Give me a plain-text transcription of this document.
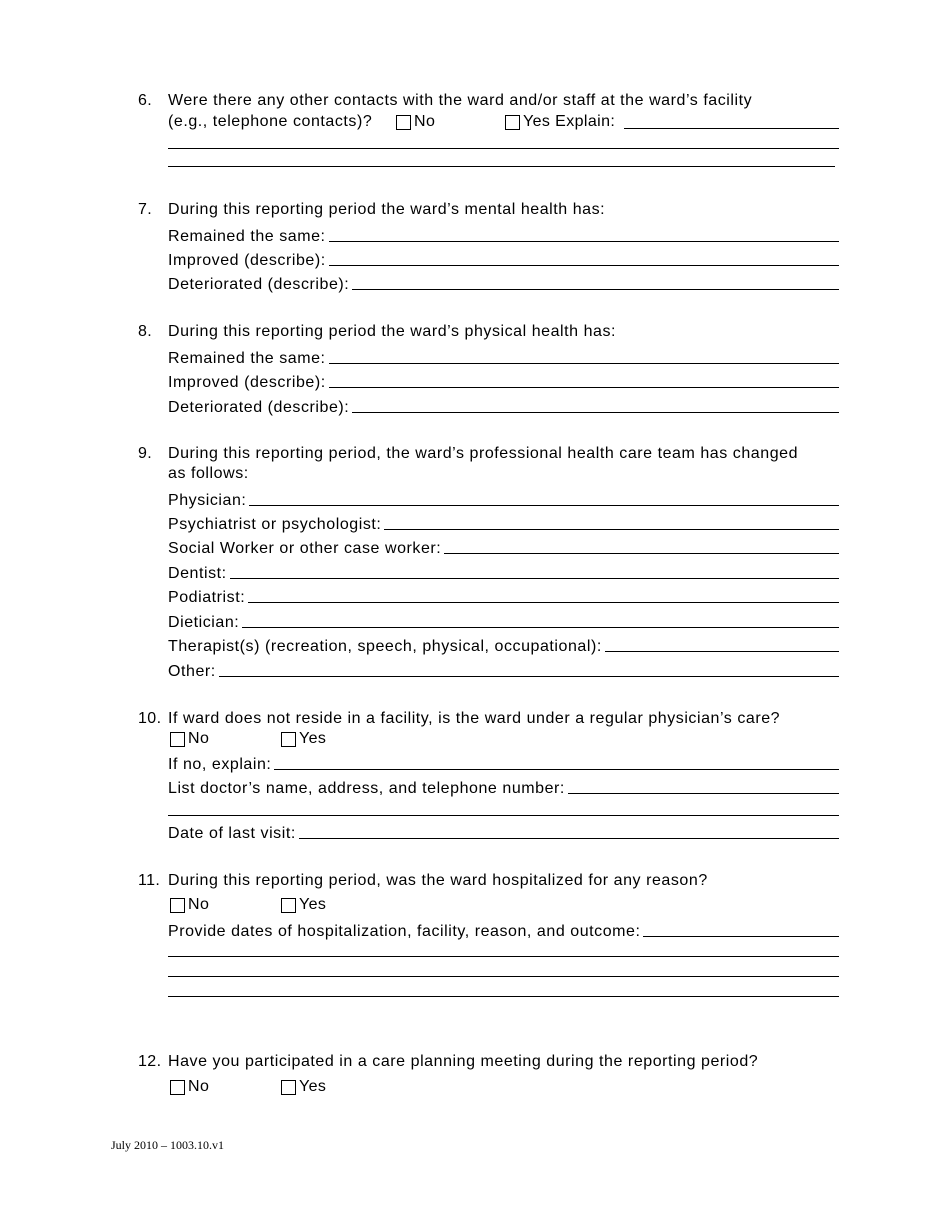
6. Were there any other contacts with the ward and/or staff at the ward’s facility
(e.g., telephone contacts)?	No	Yes Explain:
7. During this reporting period the ward’s mental health has:
Remained the same:
Improved (describe):
Deteriorated (describe):
8. During this reporting period the ward’s physical health has:
Remained the same:
Improved (describe):
Deteriorated (describe):
9. During this reporting period, the ward’s professional health care team has changed
as follows:
Physician:
Psychiatrist or psychologist:
Social Worker or other case worker:
Dentist:
Podiatrist:
Dietician:
Therapist(s) (recreation, speech, physical, occupational):
Other:
10. If ward does not reside in a facility, is the ward under a regular physician’s care?
No	Yes
If no, explain:
List doctor’s name, address, and telephone number:
Date of last visit:
11. During this reporting period, was the ward hospitalized for any reason?
No	Yes
Provide dates of hospitalization, facility, reason, and outcome:
12. Have you participated in a care planning meeting during the reporting period?
No	Yes
July 2010 – 1003.10.v1
